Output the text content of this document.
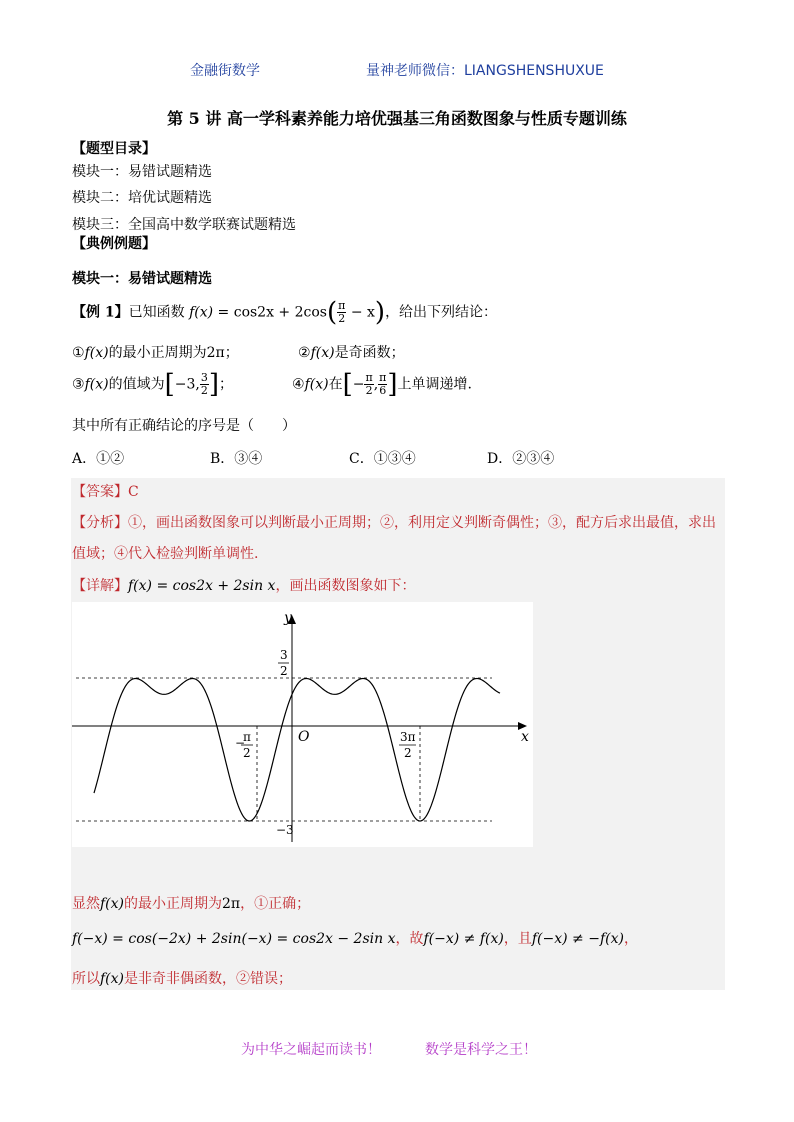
金融街数学	量神老师微信：LIANGSHENSHUXUE
第 5 讲 高一学科素养能力培优强基三角函数图象与性质专题训练
【题型目录】
模块一：易错试题精选
模块二：培优试题精选
模块三：全国高中数学联赛试题精选
【典例例题】
模块一：易错试题精选
【例 1】已知函数 $f(x) = \cos 2x + 2\cos( \frac{\pi}{2} - x)$，给出下列结论：
①f(x)的最小正周期为2π；	②f(x)是奇函数；
③f(x)的值域为[−3, $\frac{3}{2}$ ]；	④f(x)在[− $\frac{\pi}{2}$ , $\frac{\pi}{6}$ ]上单调递增.
其中所有正确结论的序号是（　　）
A．①②	B．③④	C．①③④	D．②③④
【答案】C
【分析】①，画出函数图象可以判断最小正周期；②，利用定义判断奇偶性；③，配方后求出最值，求出
值域；④代入检验判断单调性.
【详解】f(x) = cos2x + 2sin x，画出函数图象如下：
y
x
O
3
2
−3
−
π
2
3π
2
显然f(x)的最小正周期为2π，①正确；
f(−x) = cos(−2x) + 2sin(−x) = cos2x − 2sin x，故f(−x) ≠ f(x)，且f(−x) ≠ −f(x)，
所以f(x)是非奇非偶函数，②错误；
为中华之崛起而读书！	数学是科学之王！
